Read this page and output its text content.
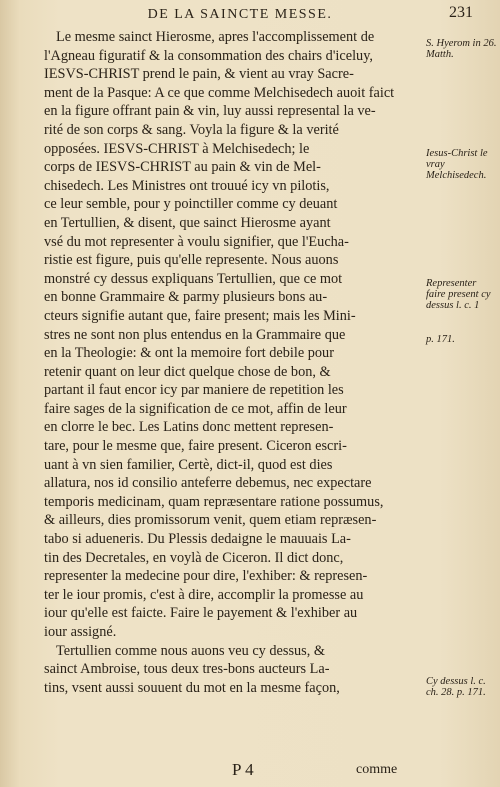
DE LA SAINCTE MESSE.	231
Le mesme sainct Hierosme, apres l'accomplissement de
l'Agneau figuratif & la consommation des chairs d'iceluy,
IESVS-CHRIST prend le pain, & vient au vray Sacre-
ment de la Pasque: A ce que comme Melchisedech auoit faict
en la figure offrant pain & vin, luy aussi represental la ve-
rité de son corps & sang. Voyla la figure & la verité
opposées. IESVS-CHRIST à Melchisedech; le
corps de IESVS-CHRIST au pain & vin de Mel-
chisedech. Les Ministres ont trouué icy vn pilotis,
ce leur semble, pour y poinctiller comme cy deuant
en Tertullien, & disent, que sainct Hierosme ayant
vsé du mot representer à voulu signifier, que l'Eucha-
ristie est figure, puis qu'elle represente. Nous auons
monstré cy dessus expliquans Tertullien, que ce mot
en bonne Grammaire & parmy plusieurs bons au-
cteurs signifie autant que, faire present; mais les Mini-
stres ne sont non plus entendus en la Grammaire que
en la Theologie: & ont la memoire fort debile pour
retenir quant on leur dict quelque chose de bon, &
partant il faut encor icy par maniere de repetition les
faire sages de la signification de ce mot, affin de leur
en clorre le bec. Les Latins donc mettent represen-
tare, pour le mesme que, faire present. Ciceron escri-
uant à vn sien familier, Certè, dict-il, quod est dies
allatura, nos id consilio anteferre debemus, nec expectare
temporis medicinam, quam repræsentare ratione possumus,
& ailleurs, dies promissorum venit, quem etiam repræsen-
tabo si adueneris. Du Plessis dedaigne le mauuais La-
tin des Decretales, en voylà de Ciceron. Il dict donc,
representer la medecine pour dire, l'exhiber: & represen-
ter le iour promis, c'est à dire, accomplir la promesse au
iour qu'elle est faicte. Faire le payement & l'exhiber au
iour assigné.
Tertullien comme nous auons veu cy dessus, &
sainct Ambroise, tous deux tres-bons aucteurs La-
tins, vsent aussi souuent du mot en la mesme façon,
S. Hyerom in 26. Matth.
Iesus-Christ le vray Melchisedech.
Representer faire present cy dessus l. c. 1
p. 171.
Cy dessus l. c. ch. 28. p. 171.
P 4	comme
